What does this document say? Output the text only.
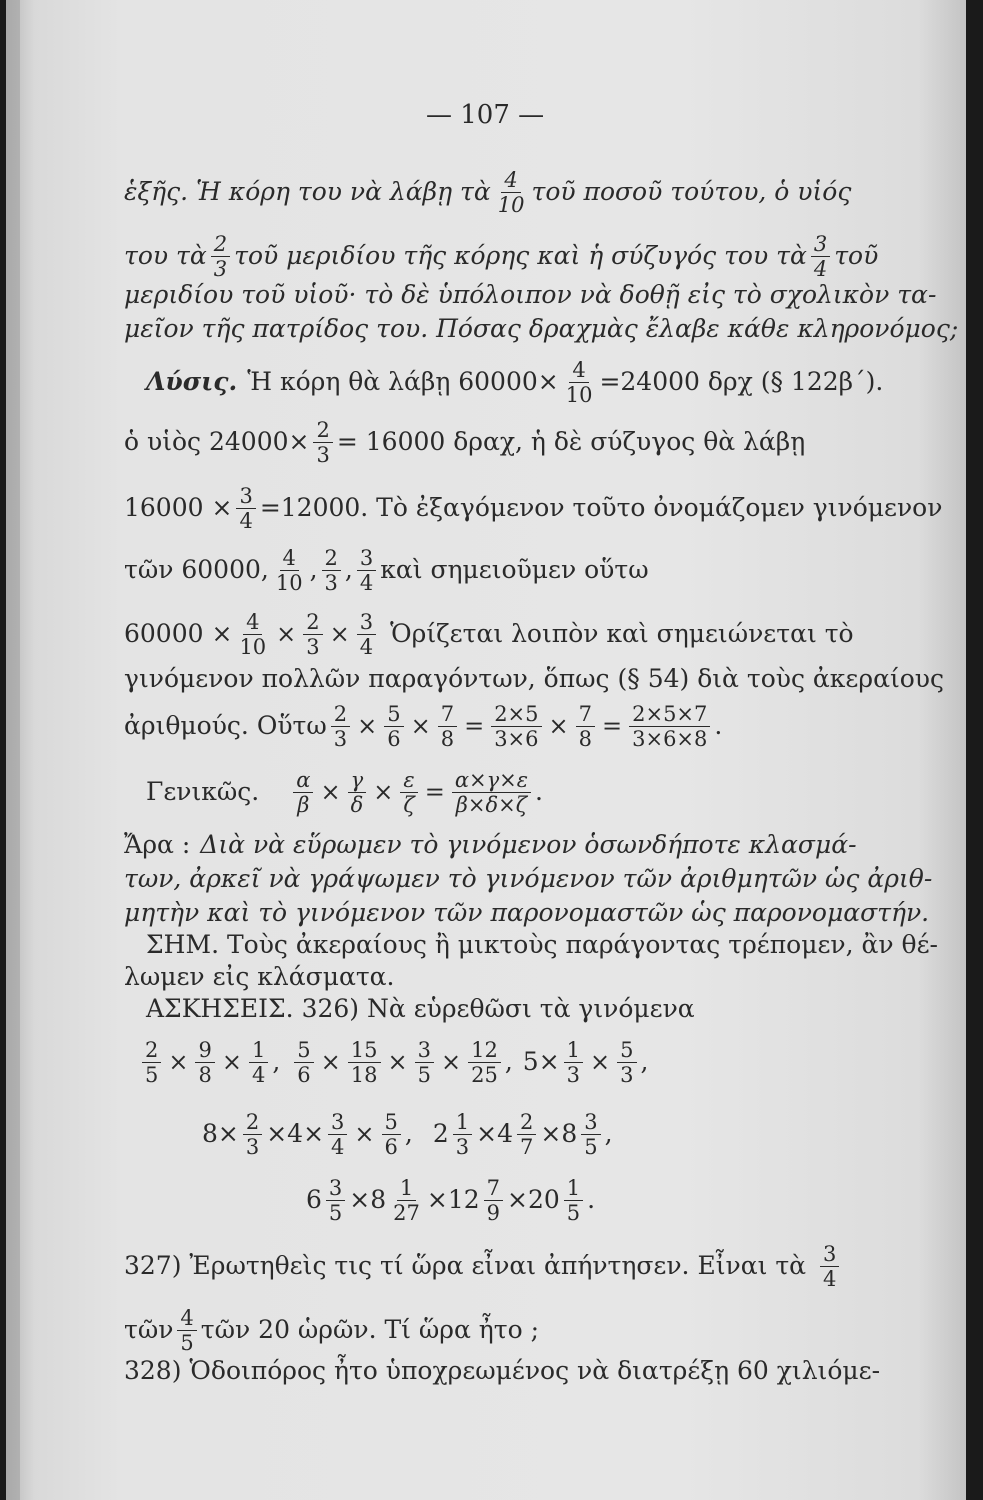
— 107 —
ἑξῆς. Ἡ κόρη του νὰ λάβῃ τὰ $\frac{4}{10}$ τοῦ ποσοῦ τούτου, ὁ υἱός
του τὰ $\frac{2}{3}$ τοῦ μεριδίου τῆς κόρης καὶ ἡ σύζυγός του τὰ $\frac{3}{4}$ τοῦ
μεριδίου τοῦ υἱοῦ· τὸ δὲ ὑπόλοιπον νὰ δοθῇ εἰς τὸ σχολικὸν τα-
μεῖον τῆς πατρίδος του. Πόσας δραχμὰς ἔλαβε κάθε κληρονόμος;
Λύσις. Ἡ κόρη θὰ λάβῃ $60000\times \frac{4}{10} =24000$ δρχ (§ 122β΄).
ὁ υἱὸς $24000\times \frac{2}{3} = 16000$ δραχ, ἡ δὲ σύζυγος θὰ λάβῃ
$16000 \times \frac{3}{4} =12000$. Τὸ ἐξαγόμενον τοῦτο ὀνομάζομεν γινόμενον
τῶν 60000, $\frac{4}{10}$ , $\frac{2}{3}$ , $\frac{3}{4}$ καὶ σημειοῦμεν οὕτω
$60000 \times \frac{4}{10} \times \frac{2}{3} \times \frac{3}{4}$ Ὁρίζεται λοιπὸν καὶ σημειώνεται τὸ
γινόμενον πολλῶν παραγόντων, ὅπως (§ 54) διὰ τοὺς ἀκεραίους
ἀριθμούς. Οὕτω $\frac{2}{3} \times \frac{5}{6} \times \frac{7}{8} = \frac{2\times 5}{3\times 6} \times \frac{7}{8} = \frac{2\times 5\times 7}{3\times 6\times 8}$ .
Γενικῶς. $\frac{\alpha}{\beta} \times \frac{\gamma}{\delta} \times \frac{\varepsilon}{\zeta} = \frac{\alpha\times\gamma\times\varepsilon}{\beta\times\delta\times\zeta}$ .
Ἄρα : Διὰ νὰ εὕρωμεν τὸ γινόμενον ὁσωνδήποτε κλασμά-
των, ἀρκεῖ νὰ γράψωμεν τὸ γινόμενον τῶν ἀριθμητῶν ὡς ἀριθ-
μητὴν καὶ τὸ γινόμενον τῶν παρονομαστῶν ὡς παρονομαστήν.
ΣΗΜ. Τοὺς ἀκεραίους ἢ μικτοὺς παράγοντας τρέπομεν, ἂν θέ-
λωμεν εἰς κλάσματα.
ΑΣΚΗΣΕΙΣ. 326) Νὰ εὑρεθῶσι τὰ γινόμενα
$\frac{2}{5} \times \frac{9}{8} \times \frac{1}{4}$ , $\frac{5}{6} \times \frac{15}{18} \times \frac{3}{5} \times \frac{12}{25}$ , $5\times \frac{1}{3} \times \frac{5}{3}$ ,
$8\times \frac{2}{3} \times 4\times \frac{3}{4} \times \frac{5}{6}$ , $2 \frac{1}{3} \times 4 \frac{2}{7} \times 8 \frac{3}{5}$ ,
$6 \frac{3}{5} \times 8 \frac{1}{27} \times 12 \frac{7}{9} \times 20 \frac{1}{5}$ .
327) Ἐρωτηθεὶς τις τί ὥρα εἶναι ἀπήντησεν. Εἶναι τὰ $\frac{3}{4}$
τῶν $\frac{4}{5}$ τῶν 20 ὡρῶν. Τί ὥρα ἦτο ;
328) Ὁδοιπόρος ἦτο ὑποχρεωμένος νὰ διατρέξῃ 60 χιλιόμε-
